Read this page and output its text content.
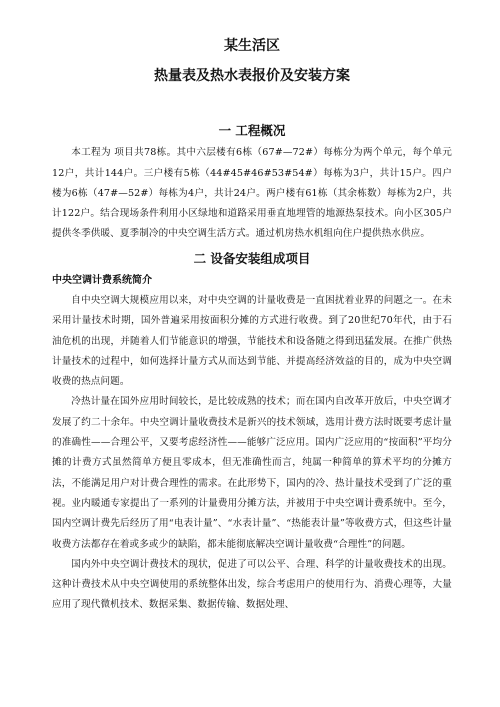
某生活区
热量表及热水表报价及安装方案
一 工程概况

本工程为 项目共78栋。其中六层楼有6栋（67#—72#）每栋分为两个单元，每个单元12户，共计144户。三户楼有5栋（44#45#46#53#54#）每栋为3户，共计15户。四户楼为6栋（47#—52#）每栋为4户，共计24户。两户楼有61栋（其余栋数）每栋为2户，共计122户。结合现场条件利用小区绿地和道路采用垂直地埋管的地源热泵技术。向小区305户提供冬季供暖、夏季制冷的中央空调生活方式。通过机房热水机组向住户提供热水供应。

二 设备安装组成项目
中央空调计费系统简介

自中央空调大规模应用以来，对中央空调的计量收费是一直困扰着业界的问题之一。在未采用计量技术时期，国外普遍采用按面积分摊的方式进行收费。到了20世纪70年代，由于石油危机的出现，并随着人们节能意识的增强，节能技术和设备随之得到迅猛发展。在推广供热计量技术的过程中，如何选择计量方式从而达到节能、并提高经济效益的目的，成为中央空调收费的热点问题。

冷热计量在国外应用时间较长，是比较成熟的技术；而在国内自改革开放后，中央空调才发展了约二十余年。中央空调计量收费技术是新兴的技术领域，选用计费方法时既要考虑计量的准确性——合理公平，又要考虑经济性——能够广泛应用。国内广泛应用的“按面积”平均分摊的计费方式虽然简单方便且零成本，但无准确性而言，纯属一种简单的算术平均的分摊方法，不能满足用户对计费合理性的需求。在此形势下，国内的冷、热计量技术受到了广泛的重视。业内暖通专家提出了一系列的计量费用分摊方法，并被用于中央空调计费系统中。至今，国内空调计费先后经历了用“电表计量”、“水表计量”、“热能表计量”等收费方式，但这些计量收费方法都存在着或多或少的缺陷，都未能彻底解决空调计量收费“合理性”的问题。

国内外中央空调计费技术的现状，促进了可以公平、合理、科学的计量收费技术的出现。这种计费技术从中央空调使用的系统整体出发，综合考虑用户的使用行为、消费心理等，大量应用了现代微机技术、数据采集、数据传输、数据处理、
